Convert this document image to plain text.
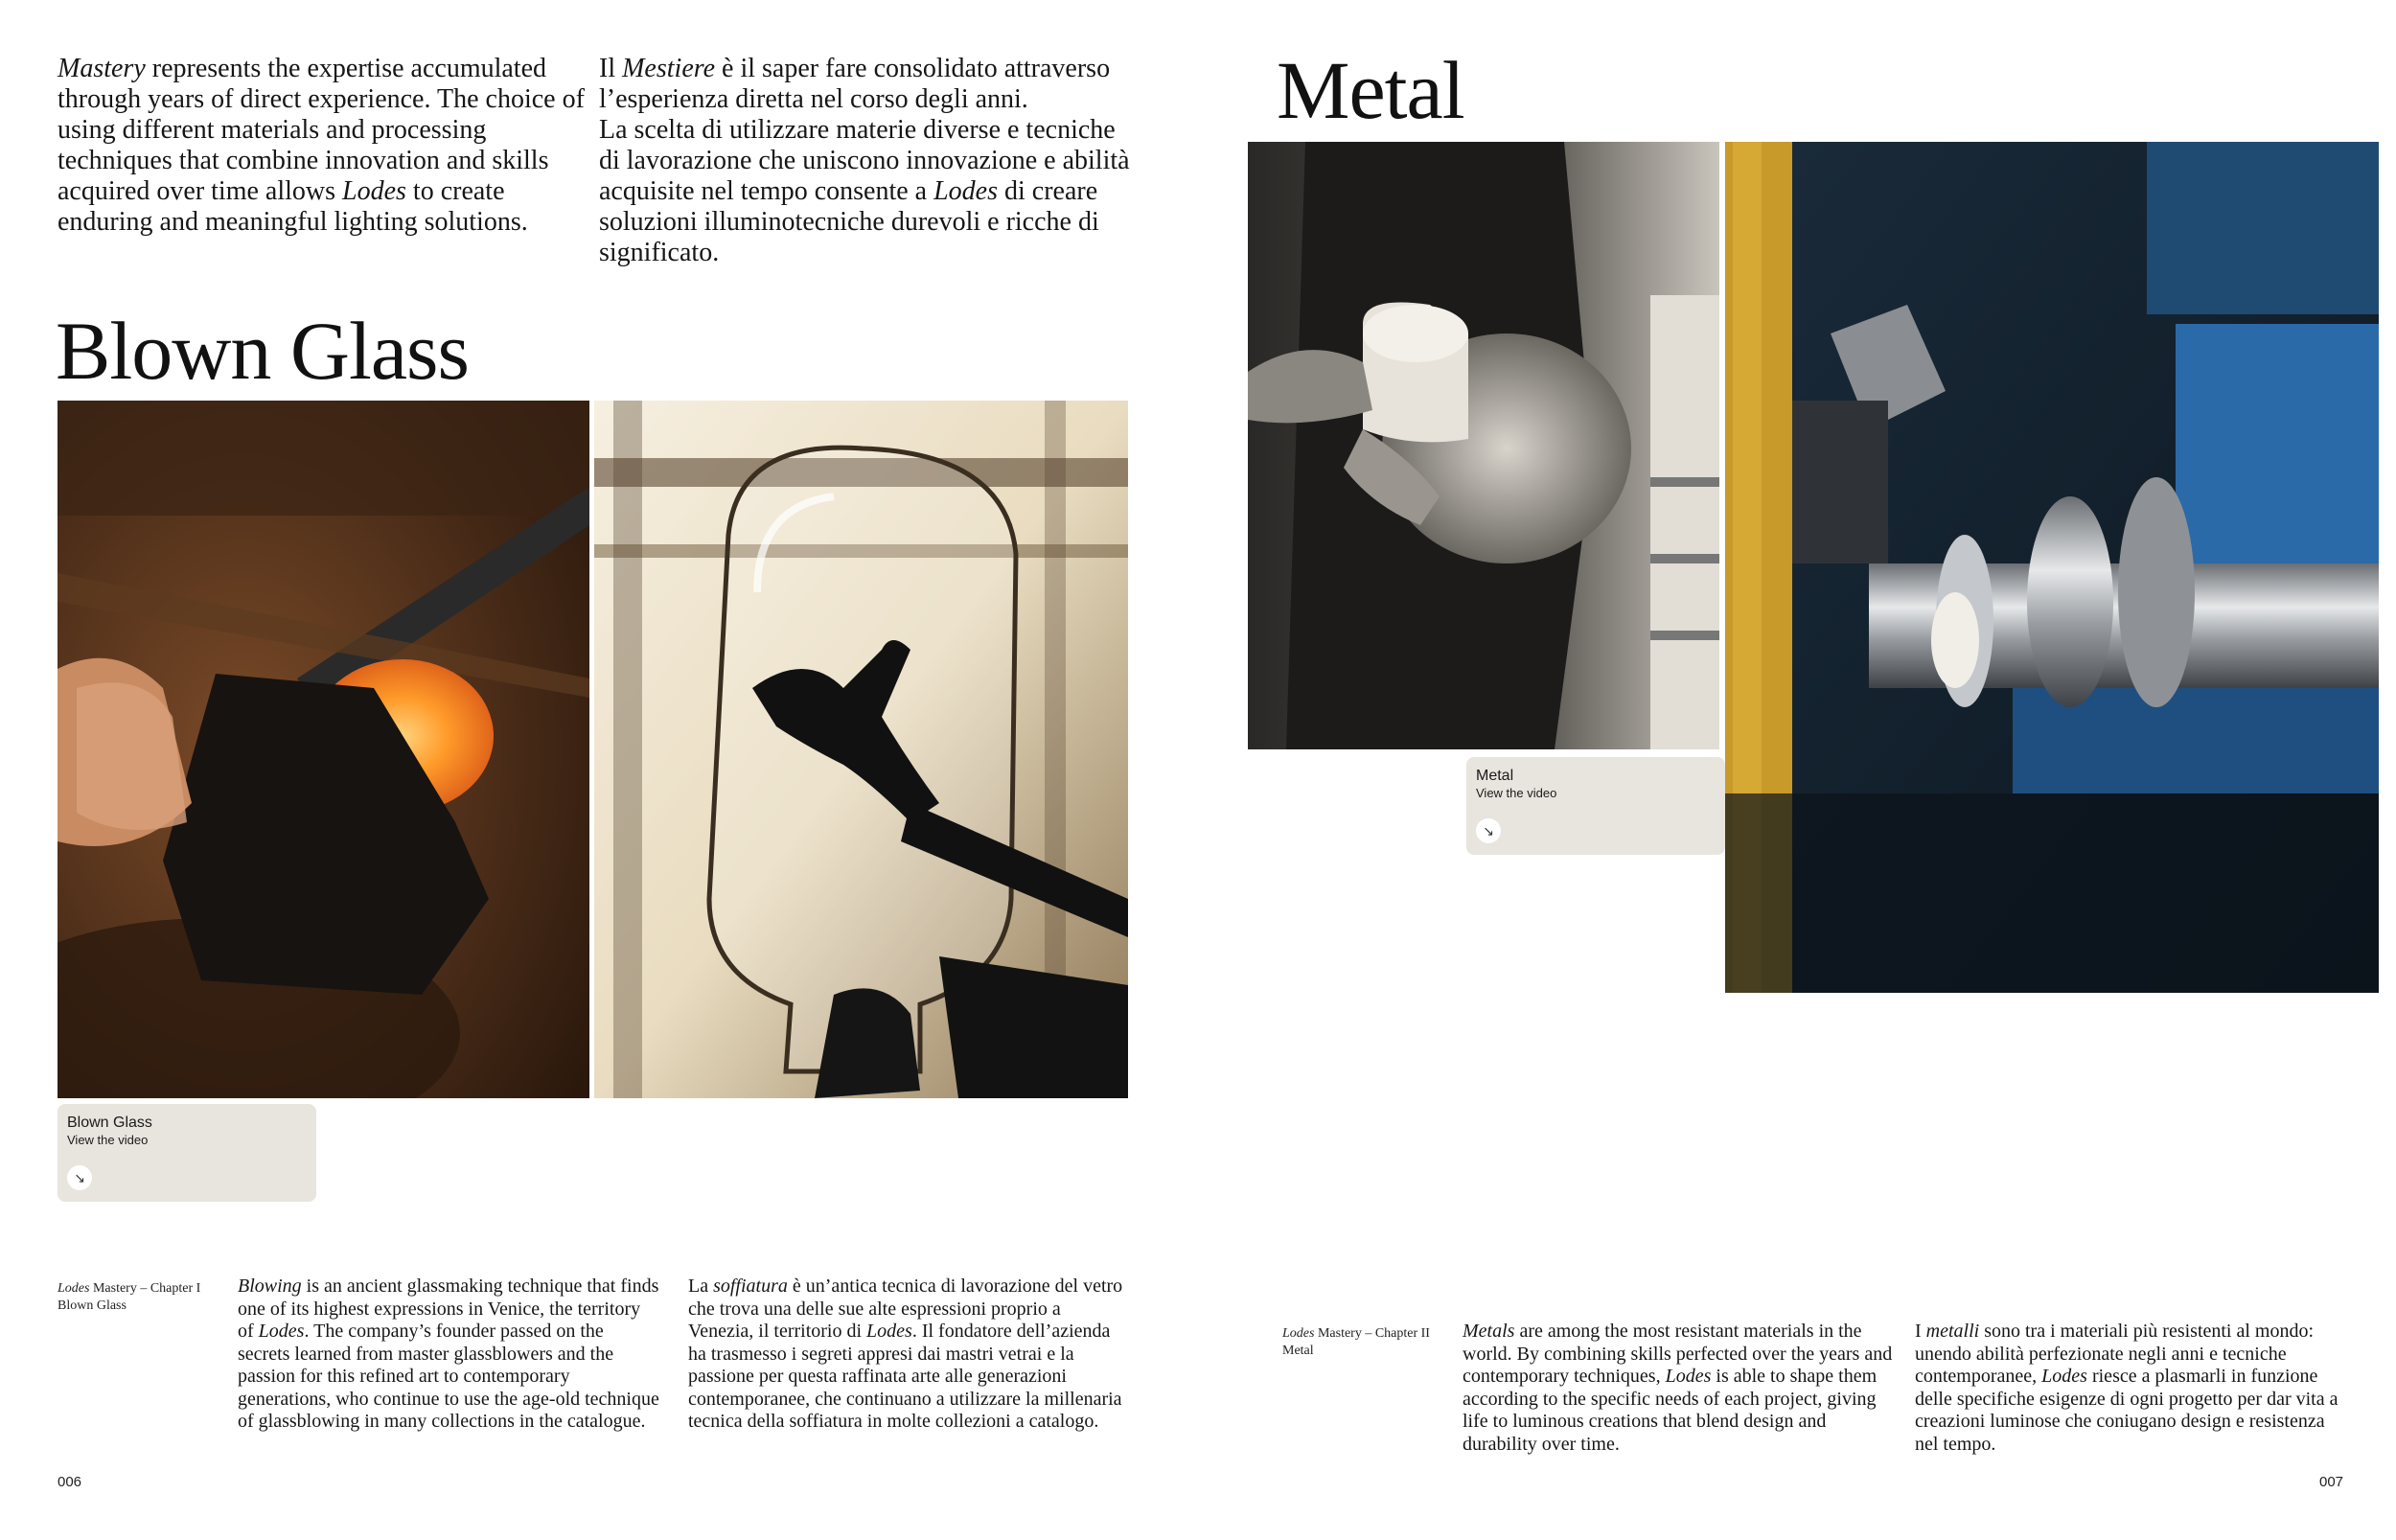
Mastery represents the expertise accumulated through years of direct experience. The choice of using different materials and processing techniques that combine innovation and skills acquired over time allows Lodes to create enduring and meaningful lighting solutions.
Il Mestiere è il saper fare consolidato attraverso l’esperienza diretta nel corso degli anni.
La scelta di utilizzare materie diverse e tecniche di lavorazione che uniscono innovazione e abilità acquisite nel tempo consente a Lodes di creare soluzioni illuminotecniche durevoli e ricche di significato.
Blown Glass
Blown Glass
View the video
↘
Lodes Mastery – Chapter I
Blown Glass
Blowing is an ancient glassmaking technique that finds one of its highest expressions in Venice, the territory of Lodes. The company’s founder passed on the secrets learned from master glassblowers and the passion for this refined art to contemporary generations, who continue to use the age-old technique of glassblowing in many collections in the catalogue.
La soffiatura è un’antica tecnica di lavorazione del vetro che trova una delle sue alte espressioni proprio a Venezia, il territorio di Lodes. Il fondatore dell’azienda ha trasmesso i segreti appresi dai mastri vetrai e la passione per questa raffinata arte alle generazioni contemporanee, che continuano a utilizzare la millenaria tecnica della soffiatura in molte collezioni a catalogo.
006
Metal
Metal
View the video
↘
Lodes Mastery – Chapter II
Metal
Metals are among the most resistant materials in the world. By combining skills perfected over the years and contemporary techniques, Lodes is able to shape them according to the specific needs of each project, giving life to luminous creations that blend design and durability over time.
I metalli sono tra i materiali più resistenti al mondo: unendo abilità perfezionate negli anni e tecniche contemporanee, Lodes riesce a plasmarli in funzione delle specifiche esigenze di ogni progetto per dar vita a creazioni luminose che coniugano design e resistenza nel tempo.
007
